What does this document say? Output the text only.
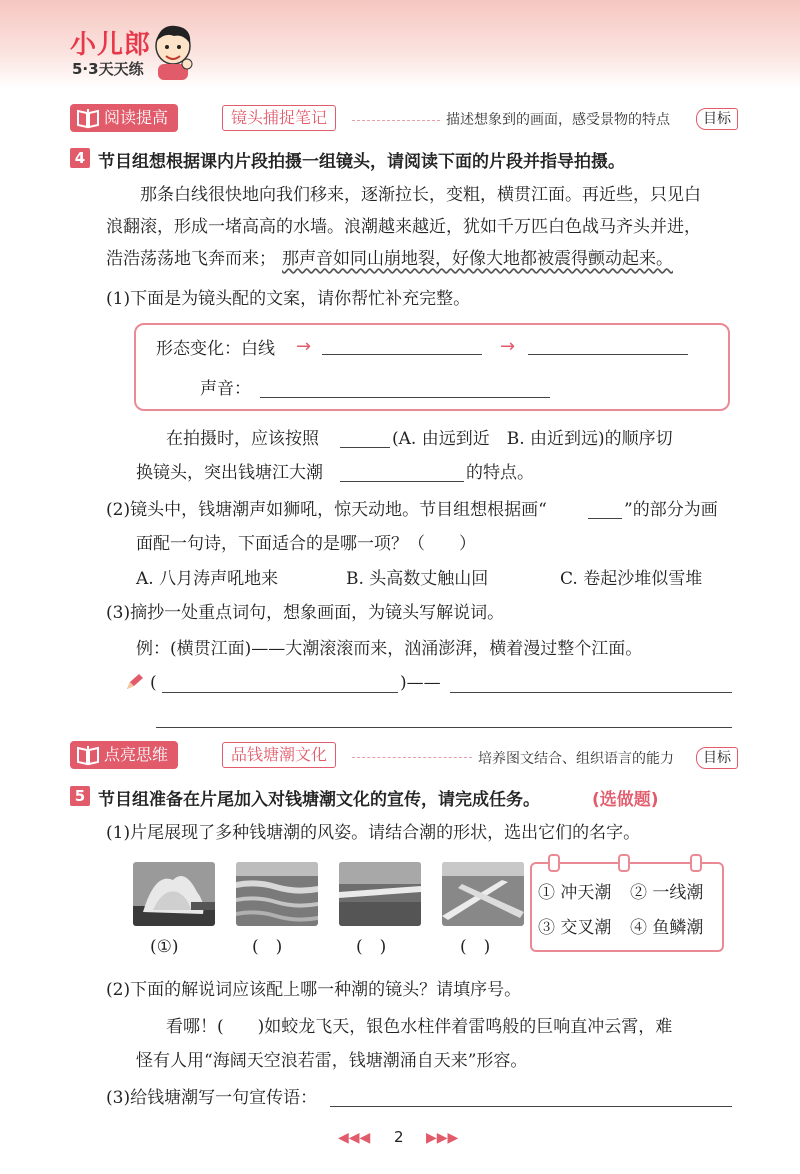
小儿郎
5·3天天练
阅读提高	镜头捕捉笔记	描述想象到的画面，感受景物的特点	目标
4 节目组想根据课内片段拍摄一组镜头，请阅读下面的片段并指导拍摄。
那条白线很快地向我们移来，逐渐拉长，变粗，横贯江面。再近些，只见白
浪翻滚，形成一堵高高的水墙。浪潮越来越近，犹如千万匹白色战马齐头并进，
浩浩荡荡地飞奔而来； 那声音如同山崩地裂，好像大地都被震得颤动起来。
(1)下面是为镜头配的文案，请你帮忙补充完整。
形态变化：白线 →	→
声音：
在拍摄时，应该按照	(A. 由远到近　B. 由近到远)的顺序切
换镜头，突出钱塘江大潮	的特点。
(2)镜头中，钱塘潮声如狮吼，惊天动地。节目组想根据画“	”的部分为画
面配一句诗，下面适合的是哪一项？（　　）
A. 八月涛声吼地来	B. 头高数丈触山回	C. 卷起沙堆似雪堆
(3)摘抄一处重点词句，想象画面，为镜头写解说词。
例：(横贯江面)——大潮滚滚而来，汹涌澎湃，横着漫过整个江面。
(	)——
点亮思维	品钱塘潮文化	培养图文结合、组织语言的能力	目标
5 节目组准备在片尾加入对钱塘潮文化的宣传，请完成任务。	(选做题)
(1)片尾展现了多种钱塘潮的风姿。请结合潮的形状，选出它们的名字。
(①)	(　)	(　)	(　)
① 冲天潮 ② 一线潮
③ 交叉潮 ④ 鱼鳞潮
(2)下面的解说词应该配上哪一种潮的镜头？请填序号。
看哪！(　　)如蛟龙飞天，银色水柱伴着雷鸣般的巨响直冲云霄，难
怪有人用“海阔天空浪若雷，钱塘潮涌自天来”形容。
(3)给钱塘潮写一句宣传语：
◀◀◀ 2 ▶▶▶
